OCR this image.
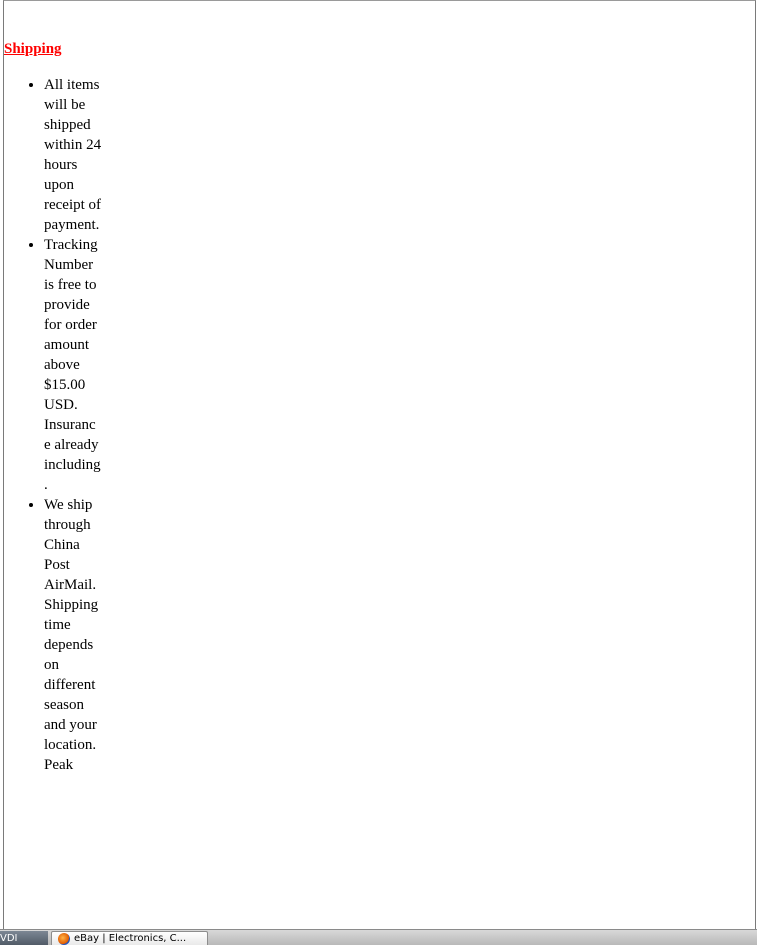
Shipping
• All items will be shipped within 24 hours upon receipt of payment.
• Tracking Number is free to provide for order amount above $15.00 USD. Insurance already including .
• We ship through China Post AirMail. Shipping time depends on different season and your location.Peak
VDI	eBay | Electronics, C...
